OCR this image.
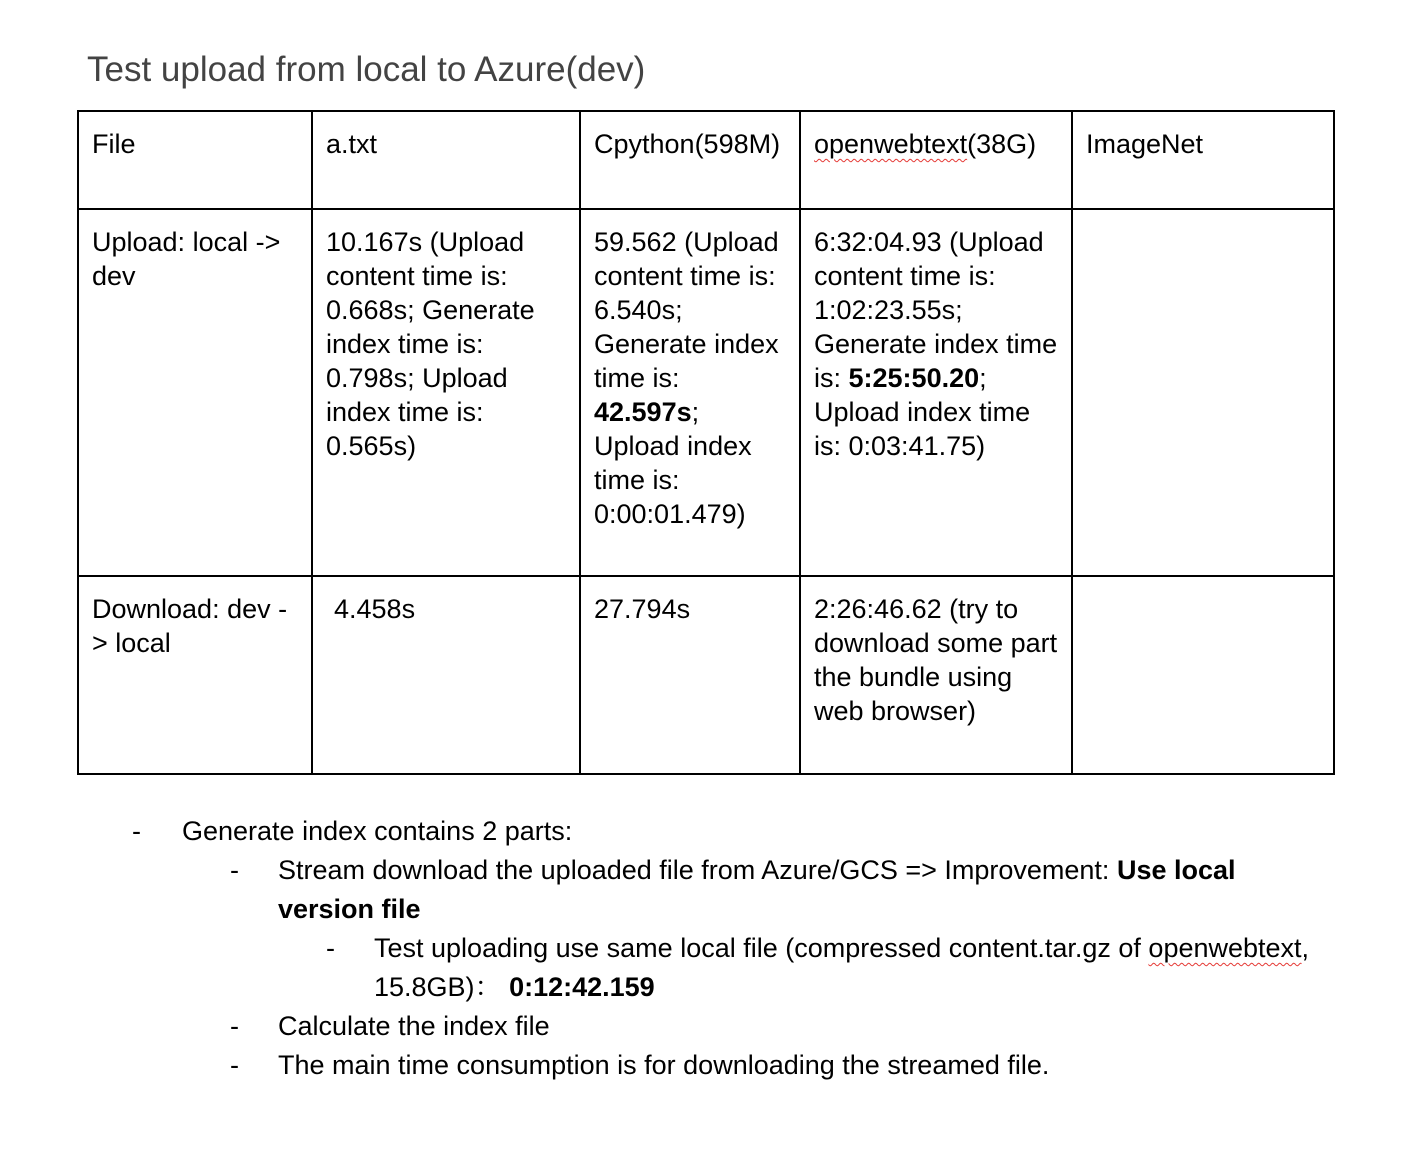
Test upload from local to Azure(dev)
File	a.txt	Cpython(598M)	openwebtext(38G)	ImageNet
Upload: local -> dev	10.167s (Upload content time is: 0.668s; Generate index time is: 0.798s; Upload index time is: 0.565s)	59.562 (Upload content time is: 6.540s; Generate index time is: 42.597s; Upload index time is: 0:00:01.479)	6:32:04.93 (Upload content time is: 1:02:23.55s; Generate index time is: 5:25:50.20; Upload index time is: 0:03:41.75)	
Download: dev -> local	4.458s	27.794s	2:26:46.62 (try to download some part the bundle using web browser)	
- Generate index contains 2 parts:
- Stream download the uploaded file from Azure/GCS => Improvement: Use local version file
- Test uploading use same local file (compressed content.tar.gz of openwebtext, 15.8GB)： 0:12:42.159
- Calculate the index file
- The main time consumption is for downloading the streamed file.
